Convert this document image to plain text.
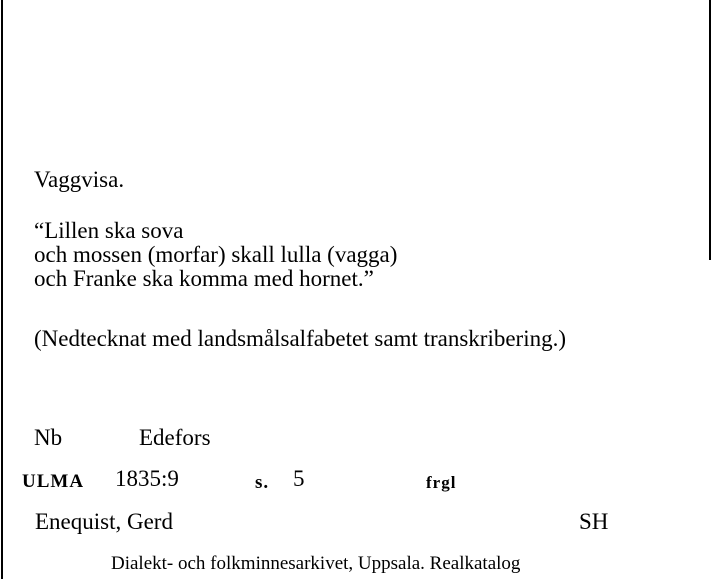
Vaggvisa.
“Lillen ska sova
och mossen (morfar) skall lulla (vagga)
och Franke ska komma med hornet.”
(Nedtecknat med landsmålsalfabetet samt transkribering.)
Nb	Edefors
ULMA 1835:9	s. 5	frgl
Enequist, Gerd	SH
Dialekt- och folkminnesarkivet, Uppsala. Realkatalog
